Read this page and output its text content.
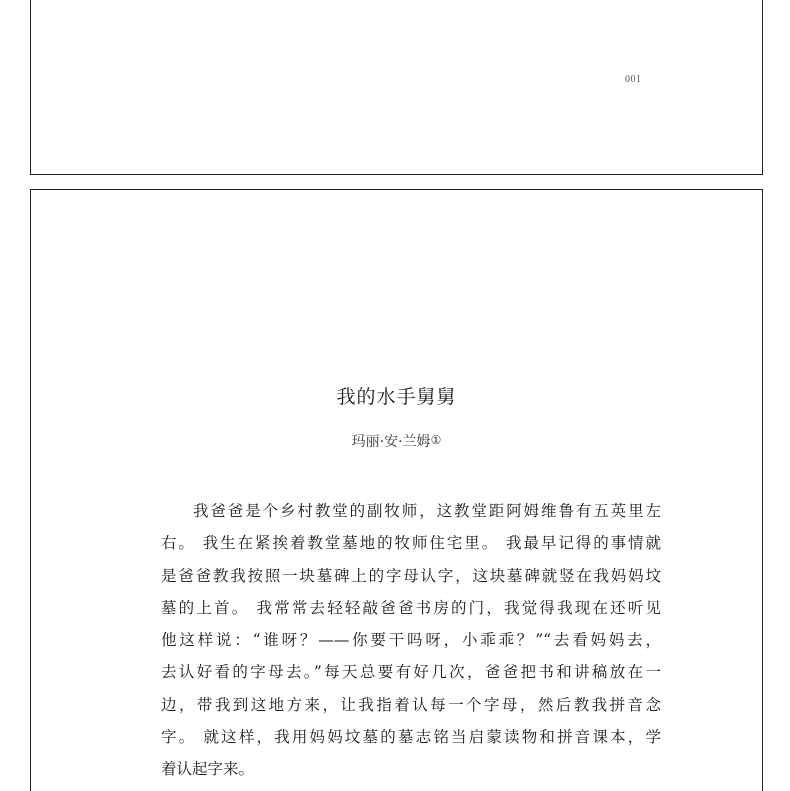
001
我的水手舅舅
玛丽·安·兰姆①

我爸爸是个乡村教堂的副牧师，这教堂距阿姆维鲁有五英里左
右。 我生在紧挨着教堂墓地的牧师住宅里。 我最早记得的事情就
是爸爸教我按照一块墓碑上的字母认字，这块墓碑就竖在我妈妈坟
墓的上首。 我常常去轻轻敲爸爸书房的门，我觉得我现在还听见
他这样说：“谁呀？——你要干吗呀，小乖乖？”“去看妈妈去，
去认好看的字母去。”每天总要有好几次，爸爸把书和讲稿放在一
边，带我到这地方来，让我指着认每一个字母，然后教我拼音念
字。 就这样，我用妈妈坟墓的墓志铭当启蒙读物和拼音课本，学
着认起字来。
